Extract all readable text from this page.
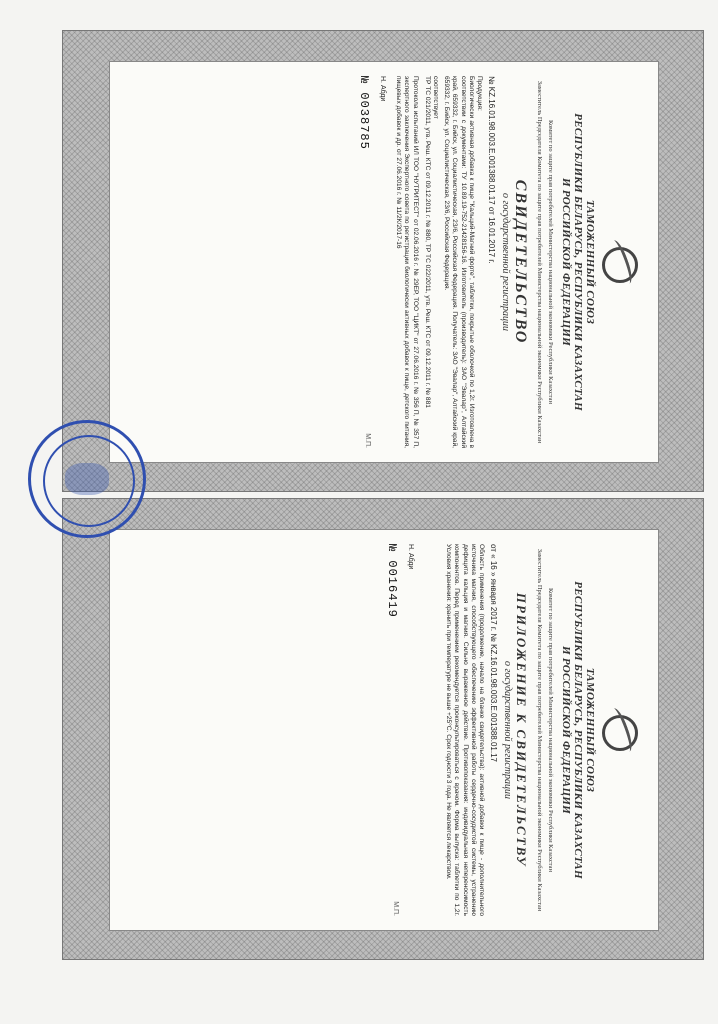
ТАМОЖЕННЫЙ СОЮЗ
РЕСПУБЛИКИ БЕЛАРУСЬ, РЕСПУБЛИКИ КАЗАХСТАН
И РОССИЙСКОЙ ФЕДЕРАЦИИ
Комитет по защите прав потребителей Министерства национальной экономики Республики Казахстан
Заместитель Председателя Комитета по защите прав потребителей Министерства национальной экономики Республики Казахстан
СВИДЕТЕЛЬСТВО
о государственной регистрации
№ KZ.16.01.98.003.E.001388.01.17 от 16.01.2017 г.
Продукция:
Биологически активная добавка к пище "Кальций-Магний форте", таблетки, покрытые оболочкой по 1,2г. Изготовлена в соответствии с документами: ТУ 10.89.19-752-21428156-16. Изготовитель (производитель): ЗАО "Эвалар", Алтайский край, 659332, г. Бийск, ул. Социалистическая, 23/6, Российская Федерация. Получатель: ЗАО "Эвалар", Алтайский край, 659332, г. Бийск, ул. Социалистическая, 23/6, Российская Федерация.
соответствует
ТР ТС 021/2011, утв. Реш. КТС от 09.12.2011 г. № 880, ТР ТС 022/2011, утв. Реш. КТС от 09.12.2011 г. № 881
Протокола испытаний ИЛ ТОО "НУТРИТЕСТ" от 02.06.2016 г. № 29ЕР, ТОО "ЦИКТ" от 27.06.2016 г. № 356 П, № 357 П, экспертного заключения Экспертного совета по регистрации биологически активных добавок к пище, детского питания, пищевых добавок и др. от 27.06.2016 г. № 11/2К/2017-16
Н. Абди
№ 0038785
М.П.
ТАМОЖЕННЫЙ СОЮЗ
РЕСПУБЛИКИ БЕЛАРУСЬ, РЕСПУБЛИКИ КАЗАХСТАН
И РОССИЙСКОЙ ФЕДЕРАЦИИ
Комитет по защите прав потребителей Министерства национальной экономики Республики Казахстан
Заместитель Председателя Комитета по защите прав потребителей Министерства национальной экономики Республики Казахстан
ПРИЛОЖЕНИЕ К СВИДЕТЕЛЬСТВУ
о государственной регистрации
от « 16 » января 2017 г. № KZ.16.01.98.003.E.001388.01.17
Область применения (продолжение, начало на бланке свидетельства): активной добавки к пище - дополнительного источника магния, способствующего обеспечению эффективной работы сердечно-сосудистой системы, устранению дефицита кальция и магния. Сильно выраженное действие. Противопоказания: индивидуальная непереносимость компонентов. Перед применением рекомендуется проконсультироваться с врачом. Форма выпуска: таблетки по 1,2г. Условия хранения: хранить при температуре не выше +25°С. Срок годности 3 года. Не является лекарством.
Н. Абди
№ 0016419
М.П.
